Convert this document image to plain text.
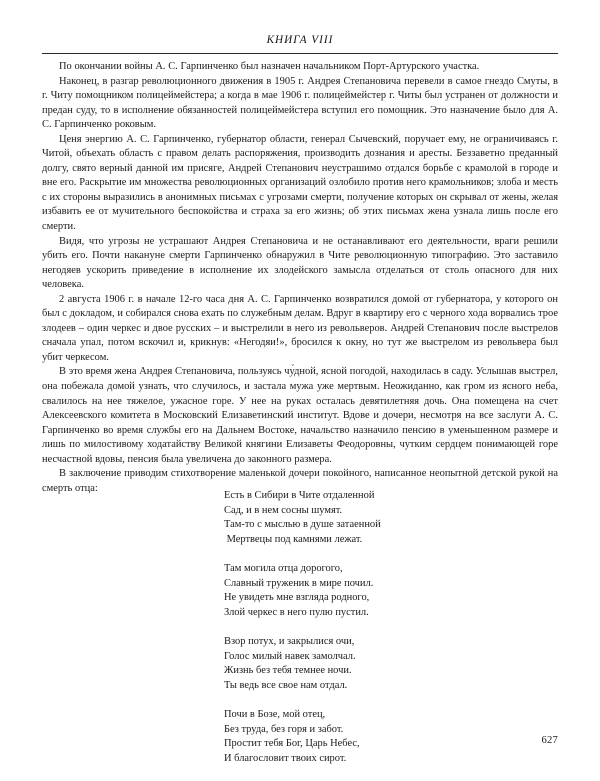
КНИГА VIII

По окончании войны А. С. Гарпинченко был назначен начальником Порт-Артурского участка.

Наконец, в разгар революционного движения в 1905 г. Андрея Степановича перевели в самое гнездо Смуты, в г. Читу помощником полицеймейстера; а когда в мае 1906 г. полицеймейстер г. Читы был устранен от должности и предан суду, то в исполнение обязанностей полицеймейстера вступил его помощник. Это назначение было для А. С. Гарпинченко роковым.

Ценя энергию А. С. Гарпинченко, губернатор области, генерал Сычевский, поручает ему, не ограничиваясь г. Читой, объехать область с правом делать распоряжения, производить дознания и аресты. Беззаветно преданный долгу, свято верный данной им присяге, Андрей Степанович неустрашимо отдался борьбе с крамолой в городе и вне его. Раскрытие им множества революционных организаций озлобило против него крамольников; злоба и месть с их стороны выразились в анонимных письмах с угрозами смерти, получение которых он скрывал от жены, желая избавить ее от мучительного беспокойства и страха за его жизнь; об этих письмах жена узнала лишь после его смерти.

Видя, что угрозы не устрашают Андрея Степановича и не останавливают его деятельности, враги решили убить его. Почти накануне смерти Гарпинченко обнаружил в Чите революционную типографию. Это заставило негодяев ускорить приведение в исполнение их злодейского замысла отделаться от столь опасного для них человека.

2 августа 1906 г. в начале 12-го часа дня А. С. Гарпинченко возвратился домой от губернатора, у которого он был с докладом, и собирался снова ехать по служебным делам. Вдруг в квартиру его с черного хода ворвались трое злодеев – один черкес и двое русских – и выстрелили в него из револьверов. Андрей Степанович после выстрелов сначала упал, потом вскочил и, крикнув: «Негодяи!», бросился к окну, но тут же выстрелом из револьвера был убит черкесом.

В это время жена Андрея Степановича, пользуясь чу́дной, ясной погодой, находилась в саду. Услышав выстрел, она побежала домой узнать, что случилось, и застала мужа уже мертвым. Неожиданно, как гром из ясного неба, свалилось на нее тяжелое, ужасное горе. У нее на руках осталась девятилетняя дочь. Она помещена на счет Алексеевского комитета в Московский Елизаветинский институт. Вдове и дочери, несмотря на все заслуги А. С. Гарпинченко во время службы его на Дальнем Востоке, начальство назначило пенсию в уменьшенном размере и лишь по милостивому ходатайству Великой княгини Елизаветы Феодоровны, чутким сердцем понимающей горе несчастной вдовы, пенсия была увеличена до законного размера.

В заключение приводим стихотворение маленькой дочери покойного, написанное неопытной детской рукой на смерть отца:

Есть в Сибири в Чите отдаленной
Сад, и в нем сосны шумят.
Там-то с мыслью в душе затаенной
Мертвецы под камнями лежат.
Там могила отца дорогого,
Славный труженик в мире почил.
Не увидеть мне взгляда родного,
Злой черкес в него пулю пустил.
Взор потух, и закрылися очи,
Голос милый навек замолчал.
Жизнь без тебя темнее ночи.
Ты ведь все свое нам отдал.
Почи в Бозе, мой отец,
Без труда, без горя и забот.
Простит тебя Бог, Царь Небес,
И благословит твоих сирот.
627
